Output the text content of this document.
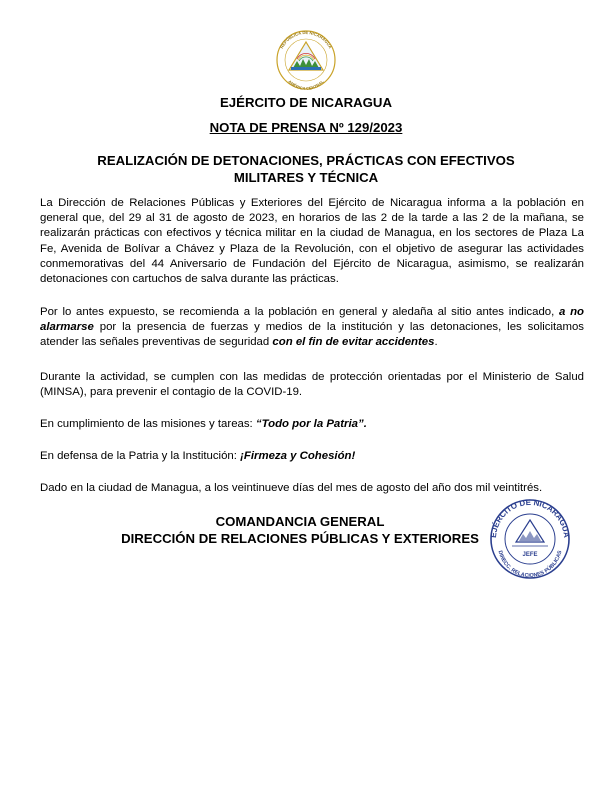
REPÚBLICA DE NICARAGUA
AMÉRICA CENTRAL
EJÉRCITO DE NICARAGUA
NOTA DE PRENSA Nº 129/2023
REALIZACIÓN DE DETONACIONES, PRÁCTICAS CON EFECTIVOS
MILITARES Y TÉCNICA
La Dirección de Relaciones Públicas y Exteriores del Ejército de Nicaragua informa a la población en general que, del 29 al 31 de agosto de 2023, en horarios de las 2 de la tarde a las 2 de la mañana, se realizarán prácticas con efectivos y técnica militar en la ciudad de Managua, en los sectores de Plaza La Fe, Avenida de Bolívar a Chávez y Plaza de la Revolución, con el objetivo de asegurar las actividades conmemorativas del 44 Aniversario de Fundación del Ejército de Nicaragua, asimismo, se realizarán detonaciones con cartuchos de salva durante las prácticas.
Por lo antes expuesto, se recomienda a la población en general y aledaña al sitio antes indicado, a no alarmarse por la presencia de fuerzas y medios de la institución y las detonaciones, les solicitamos atender las señales preventivas de seguridad con el fin de evitar accidentes.
Durante la actividad, se cumplen con las medidas de protección orientadas por el Ministerio de Salud (MINSA), para prevenir el contagio de la COVID-19.
En cumplimiento de las misiones y tareas: “Todo por la Patria”.
En defensa de la Patria y la Institución: ¡Firmeza y Cohesión!
Dado en la ciudad de Managua, a los veintinueve días del mes de agosto del año dos mil veintitrés.
COMANDANCIA GENERAL
DIRECCIÓN DE RELACIONES PÚBLICAS Y EXTERIORES	EJÉRCITO DE NICARAGUA
DIRECC. RELACIONES PÚBLICAS
JEFE
